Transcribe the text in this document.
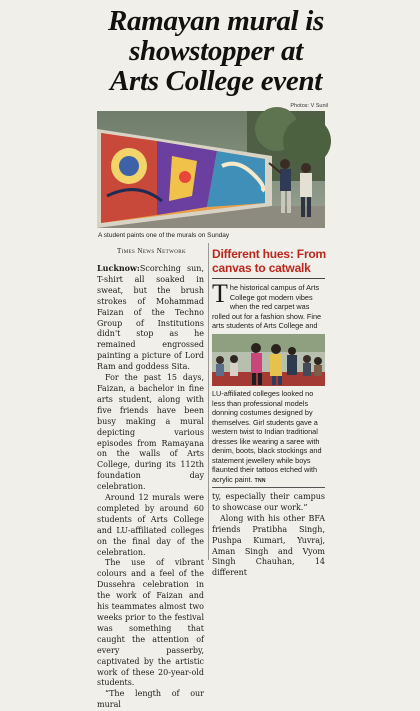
Ramayan mural is
showstopper at
Arts College event
Photos: V Sunil
A student paints one of the murals on Sunday
Times News Network

Lucknow:Scorching sun, T-shirt all soaked in sweat, but the brush strokes of Mohammad Faizan of the Techno Group of Institutions didn't stop as he remained engrossed painting a picture of Lord Ram and goddess Sita.

For the past 15 days, Faizan, a bachelor in fine arts student, along with five friends have been busy making a mural depicting various episodes from Ramayana on the walls of Arts College, during its 112th foundation day celebration.

Around 12 murals were completed by around 60 students of Arts College and LU-affiliated colleges on the final day of the celebration.

The use of vibrant colours and a feel of the Dussehra celebration in the work of Faizan and his teammates almost two weeks prior to the festival was something that caught the attention of every passerby, captivated by the artistic work of these 20-year-old students.

“The length of our mural

Different hues: From canvas to catwalk
The historical campus of Arts College got modern vibes when the red carpet was rolled out for a fashion show. Fine arts students of Arts College and
LU-affiliated colleges looked no less than professional models donning costumes designed by themselves. Girl students gave a western twist to Indian traditional dresses like wearing a saree with denim, boots, black stockings and statement jewellery while boys flaunted their tattoos etched with acrylic paint. TNN

ty, especially their campus to showcase our work.”

Along with his other BFA friends Pratibha Singh, Pushpa Kumari, Yuvraj, Aman Singh and Vyom Singh Chauhan, 14 different
